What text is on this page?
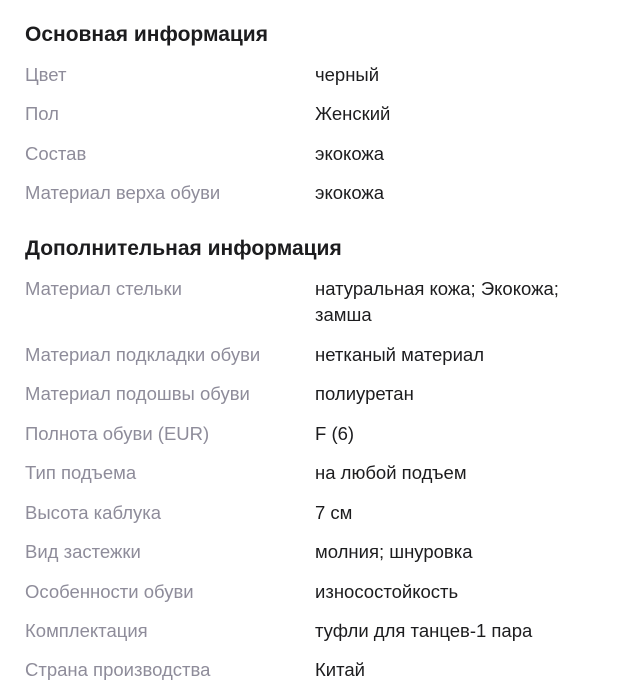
Основная информация
Цвет	черный
Пол	Женский
Состав	экокожа
Материал верха обуви	экокожа
Дополнительная информация
Материал стельки	натуральная кожа; Экокожа; замша
Материал подкладки обуви	нетканый материал
Материал подошвы обуви	полиуретан
Полнота обуви (EUR)	F (6)
Тип подъема	на любой подъем
Высота каблука	7 см
Вид застежки	молния; шнуровка
Особенности обуви	износостойкость
Комплектация	туфли для танцев-1 пара
Страна производства	Китай
